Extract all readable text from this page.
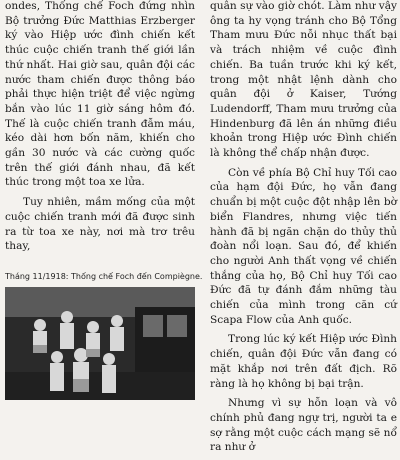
ondes, Thống chế Foch đứng nhìn Bộ trưởng Đức Matthias Erzberger ký vào Hiệp ước đình chiến kết thúc cuộc chiến tranh thế giới lần thứ nhất. Hai giờ sau, quân đội các nước tham chiến được thông báo phải thực hiện triệt để việc ngừng bắn vào lúc 11 giờ sáng hôm đó. Thế là cuộc chiến tranh đẫm máu, kéo dài hơn bốn năm, khiến cho gần 30 nước và các cường quốc trên thế giới đánh nhau, đã kết thúc trong một toa xe lửa.

Tuy nhiên, mầm mống của một cuộc chiến tranh mới đã được sinh ra từ toa xe này, nơi mà trơ trêu thay,

Tháng 11/1918: Thống chế Foch đến Compiègne.

quân sự vào giờ chót. Làm như vậy ông ta hy vọng tránh cho Bộ Tổng Tham mưu Đức nỗi nhục thất bại và trách nhiệm về cuộc đình chiến. Ba tuần trước khi ký kết, trong một nhật lệnh dành cho quân đội ở Kaiser, Tướng Ludendorff, Tham mưu trưởng của Hindenburg đã lên án những điều khoản trong Hiệp ước Đình chiến là không thể chấp nhận được.

Còn về phía Bộ Chỉ huy Tối cao của hạm đội Đức, họ vẫn đang chuẩn bị một cuộc đột nhập lên bờ biển Flandres, nhưng việc tiến hành đã bị ngăn chặn do thủy thủ đoàn nổi loạn. Sau đó, để khiến cho người Anh thất vọng về chiến thắng của họ, Bộ Chỉ huy Tối cao Đức đã tự đánh đắm những tàu chiến của mình trong căn cứ Scapa Flow của Anh quốc.

Trong lúc ký kết Hiệp ước Đình chiến, quân đội Đức vẫn đang có mặt khắp nơi trên đất địch. Rõ ràng là họ không bị bại trận.

Nhưng vì sự hỗn loạn và vô chính phủ đang ngự trị, người ta e sợ rằng một cuộc cách mạng sẽ nổ ra như ở
